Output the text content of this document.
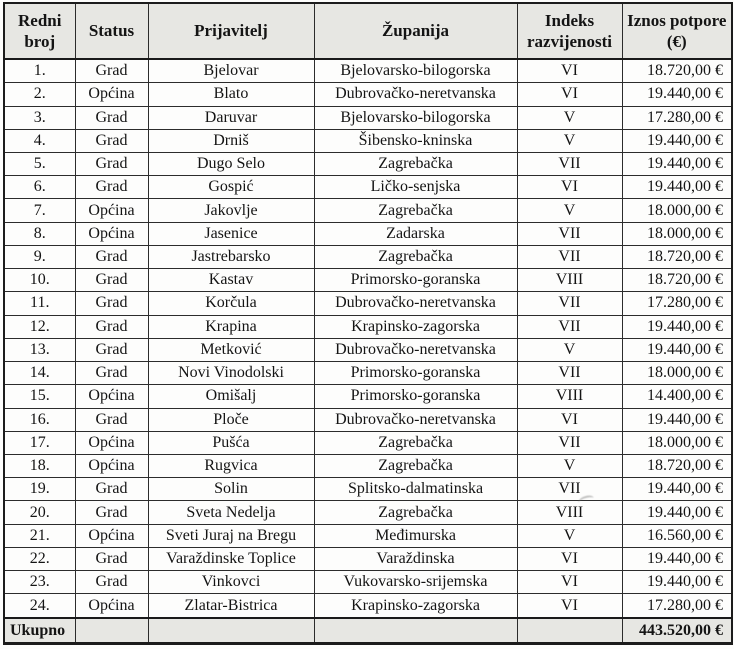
Redni broj	Status	Prijavitelj	Županija	Indeks razvijenosti	Iznos potpore (€)
1.	Grad	Bjelovar	Bjelovarsko-bilogorska	VI	18.720,00 €
2.	Općina	Blato	Dubrovačko-neretvanska	VI	19.440,00 €
3.	Grad	Daruvar	Bjelovarsko-bilogorska	V	17.280,00 €
4.	Grad	Drniš	Šibensko-kninska	V	19.440,00 €
5.	Grad	Dugo Selo	Zagrebačka	VII	19.440,00 €
6.	Grad	Gospić	Ličko-senjska	VI	19.440,00 €
7.	Općina	Jakovlje	Zagrebačka	V	18.000,00 €
8.	Općina	Jasenice	Zadarska	VII	18.000,00 €
9.	Grad	Jastrebarsko	Zagrebačka	VII	18.720,00 €
10.	Grad	Kastav	Primorsko-goranska	VIII	18.720,00 €
11.	Grad	Korčula	Dubrovačko-neretvanska	VII	17.280,00 €
12.	Grad	Krapina	Krapinsko-zagorska	VII	19.440,00 €
13.	Grad	Metković	Dubrovačko-neretvanska	V	19.440,00 €
14.	Grad	Novi Vinodolski	Primorsko-goranska	VII	18.000,00 €
15.	Općina	Omišalj	Primorsko-goranska	VIII	14.400,00 €
16.	Grad	Ploče	Dubrovačko-neretvanska	VI	19.440,00 €
17.	Općina	Pušća	Zagrebačka	VII	18.000,00 €
18.	Općina	Rugvica	Zagrebačka	V	18.720,00 €
19.	Grad	Solin	Splitsko-dalmatinska	VII	19.440,00 €
20.	Grad	Sveta Nedelja	Zagrebačka	VIII	19.440,00 €
21.	Općina	Sveti Juraj na Bregu	Međimurska	V	16.560,00 €
22.	Grad	Varaždinske Toplice	Varaždinska	VI	19.440,00 €
23.	Grad	Vinkovci	Vukovarsko-srijemska	VI	19.440,00 €
24.	Općina	Zlatar-Bistrica	Krapinsko-zagorska	VI	17.280,00 €
Ukupno					443.520,00 €
